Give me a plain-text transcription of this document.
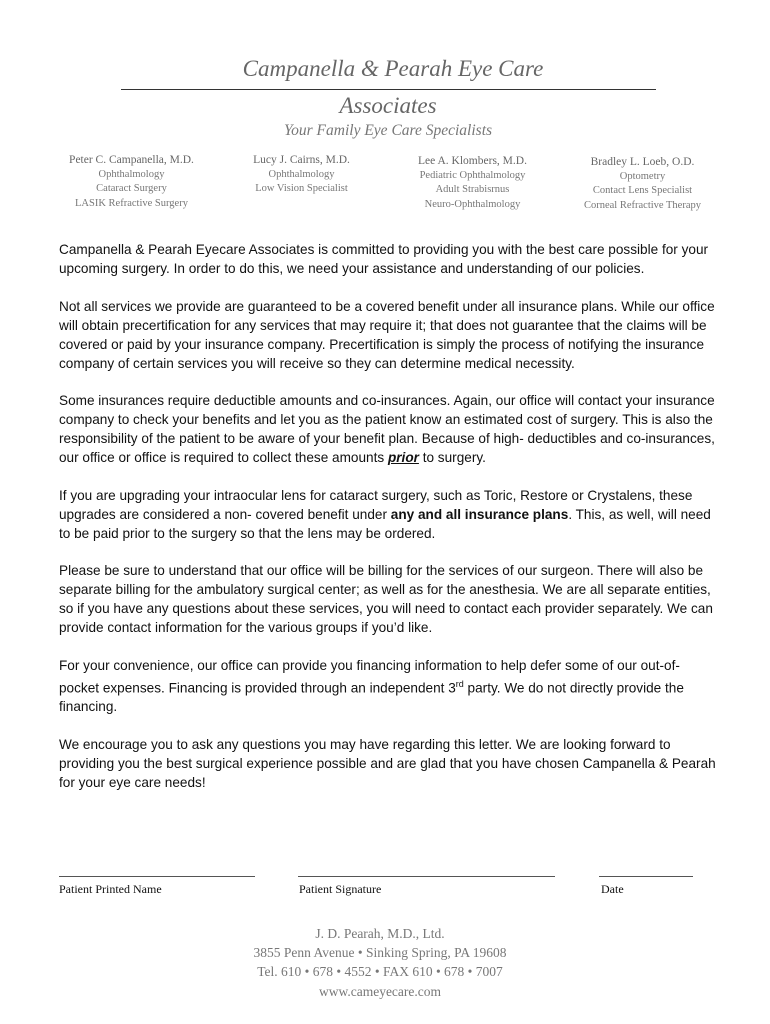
Campanella & Pearah Eye Care
Associates
Your Family Eye Care Specialists
Peter C. Campanella, M.D.
Ophthalmology
Cataract Surgery
LASIK Refractive Surgery
Lucy J. Cairns, M.D.
Ophthalmology
Low Vision Specialist
Lee A. Klombers, M.D.
Pediatric Ophthalmology
Adult Strabisrnus
Neuro-Ophthalmology
Bradley L. Loeb, O.D.
Optometry
Contact Lens Specialist
Corneal Refractive Therapy

Campanella & Pearah Eyecare Associates is committed to providing you with the best care possible for your upcoming surgery. In order to do this, we need your assistance and understanding of our policies.

Not all services we provide are guaranteed to be a covered benefit under all insurance plans. While our office will obtain precertification for any services that may require it; that does not guarantee that the claims will be covered or paid by your insurance company. Precertification is simply the process of notifying the insurance company of certain services you will receive so they can determine medical necessity.

Some insurances require deductible amounts and co-insurances. Again, our office will contact your insurance company to check your benefits and let you as the patient know an estimated cost of surgery. This is also the responsibility of the patient to be aware of your benefit plan. Because of high- deductibles and co-insurances, our office or office is required to collect these amounts prior to surgery.

If you are upgrading your intraocular lens for cataract surgery, such as Toric, Restore or Crystalens, these upgrades are considered a non- covered benefit under any and all insurance plans. This, as well, will need to be paid prior to the surgery so that the lens may be ordered.

Please be sure to understand that our office will be billing for the services of our surgeon. There will also be separate billing for the ambulatory surgical center; as well as for the anesthesia. We are all separate entities, so if you have any questions about these services, you will need to contact each provider separately. We can provide contact information for the various groups if you’d like.

For your convenience, our office can provide you financing information to help defer some of our out-of-pocket expenses. Financing is provided through an independent 3rd party. We do not directly provide the financing.

We encourage you to ask any questions you may have regarding this letter. We are looking forward to providing you the best surgical experience possible and are glad that you have chosen Campanella & Pearah for your eye care needs!

Patient Printed Name	Patient Signature	Date
J. D. Pearah, M.D., Ltd.
3855 Penn Avenue • Sinking Spring, PA 19608
Tel. 610 • 678 • 4552 • FAX 610 • 678 • 7007
www.cameyecare.com
